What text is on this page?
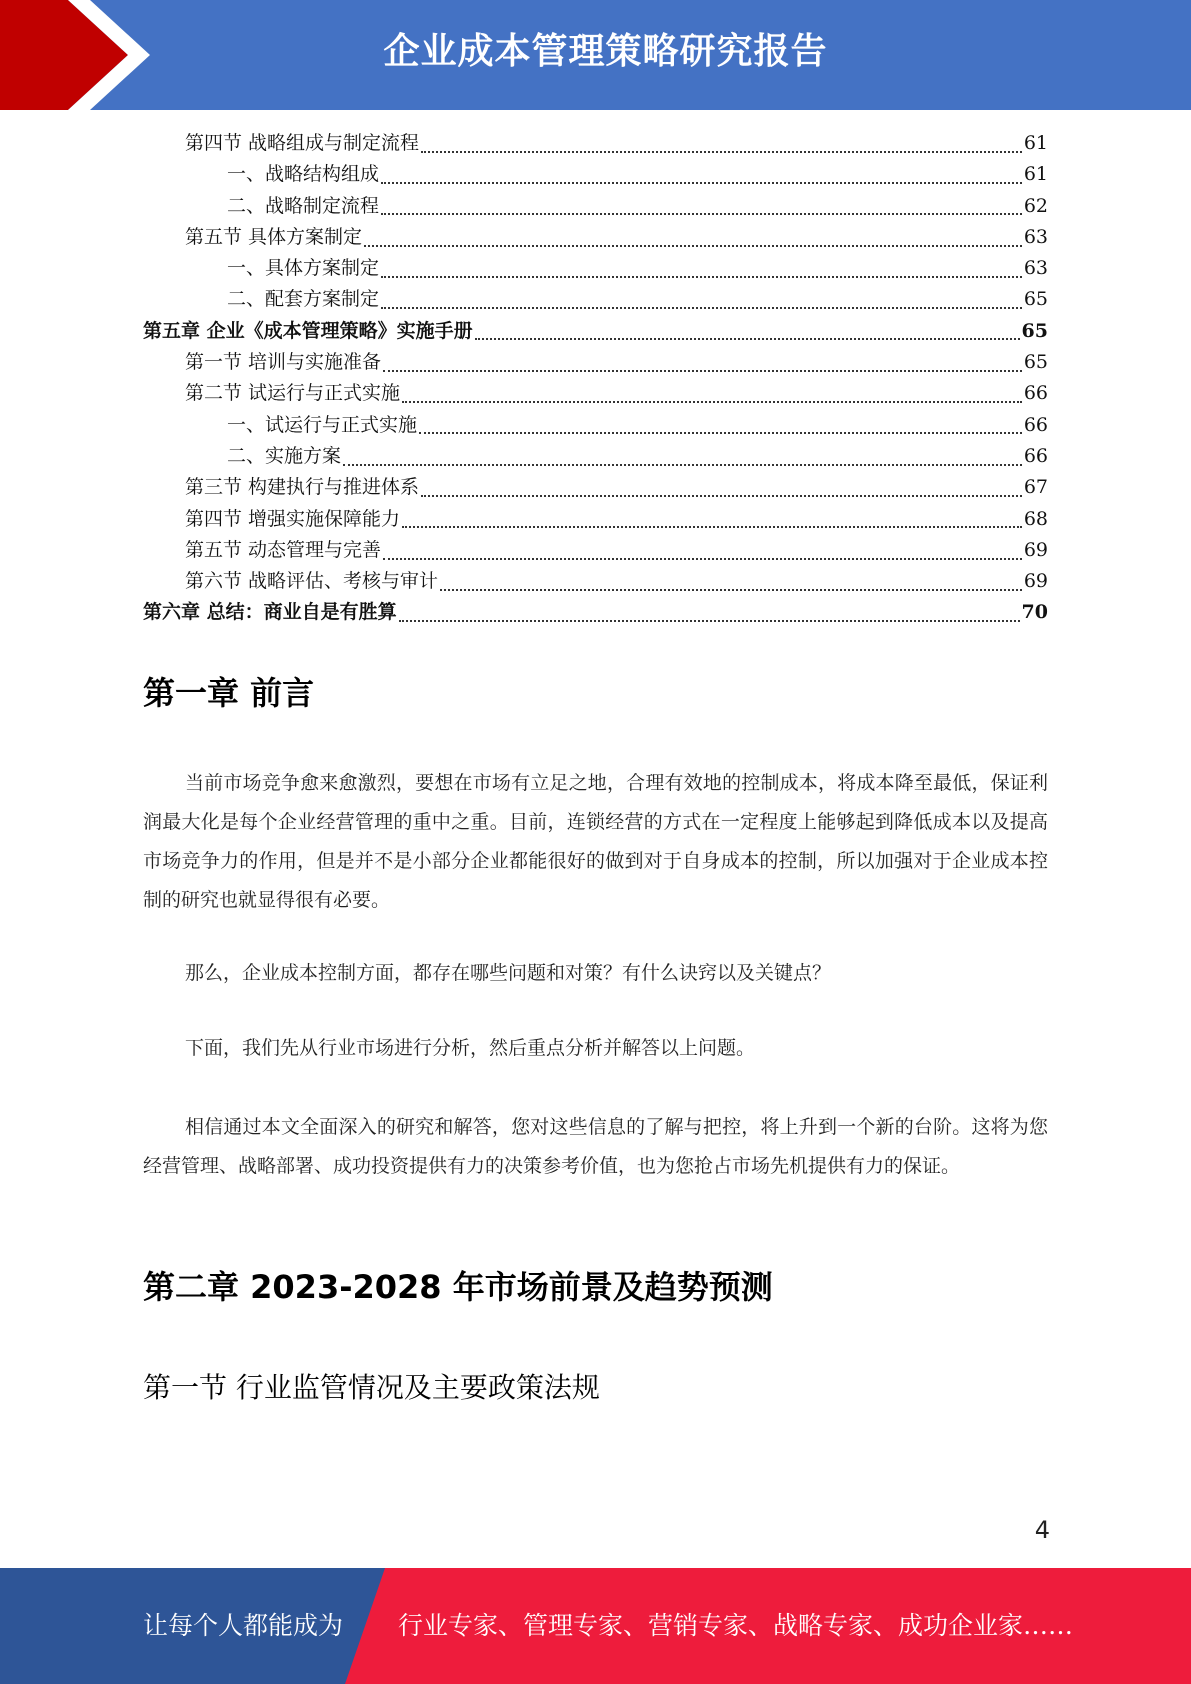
企业成本管理策略研究报告
第四节 战略组成与制定流程	61
一、战略结构组成	61
二、战略制定流程	62
第五节 具体方案制定	63
一、具体方案制定	63
二、配套方案制定	65
第五章 企业《成本管理策略》实施手册	65
第一节 培训与实施准备	65
第二节 试运行与正式实施	66
一、试运行与正式实施	66
二、实施方案	66
第三节 构建执行与推进体系	67
第四节 增强实施保障能力	68
第五节 动态管理与完善	69
第六节 战略评估、考核与审计	69
第六章 总结：商业自是有胜算	70
第一章 前言
当前市场竞争愈来愈激烈，要想在市场有立足之地，合理有效地的控制成本，将成本降至最低，保证利润最大化是每个企业经营管理的重中之重。目前，连锁经营的方式在一定程度上能够起到降低成本以及提高市场竞争力的作用，但是并不是小部分企业都能很好的做到对于自身成本的控制，所以加强对于企业成本控制的研究也就显得很有必要。
那么，企业成本控制方面，都存在哪些问题和对策？有什么诀窍以及关键点？
下面，我们先从行业市场进行分析，然后重点分析并解答以上问题。
相信通过本文全面深入的研究和解答，您对这些信息的了解与把控，将上升到一个新的台阶。这将为您经营管理、战略部署、成功投资提供有力的决策参考价值，也为您抢占市场先机提供有力的保证。
第二章 2023-2028 年市场前景及趋势预测
第一节 行业监管情况及主要政策法规
4
让每个人都能成为 行业专家、管理专家、营销专家、战略专家、成功企业家……
